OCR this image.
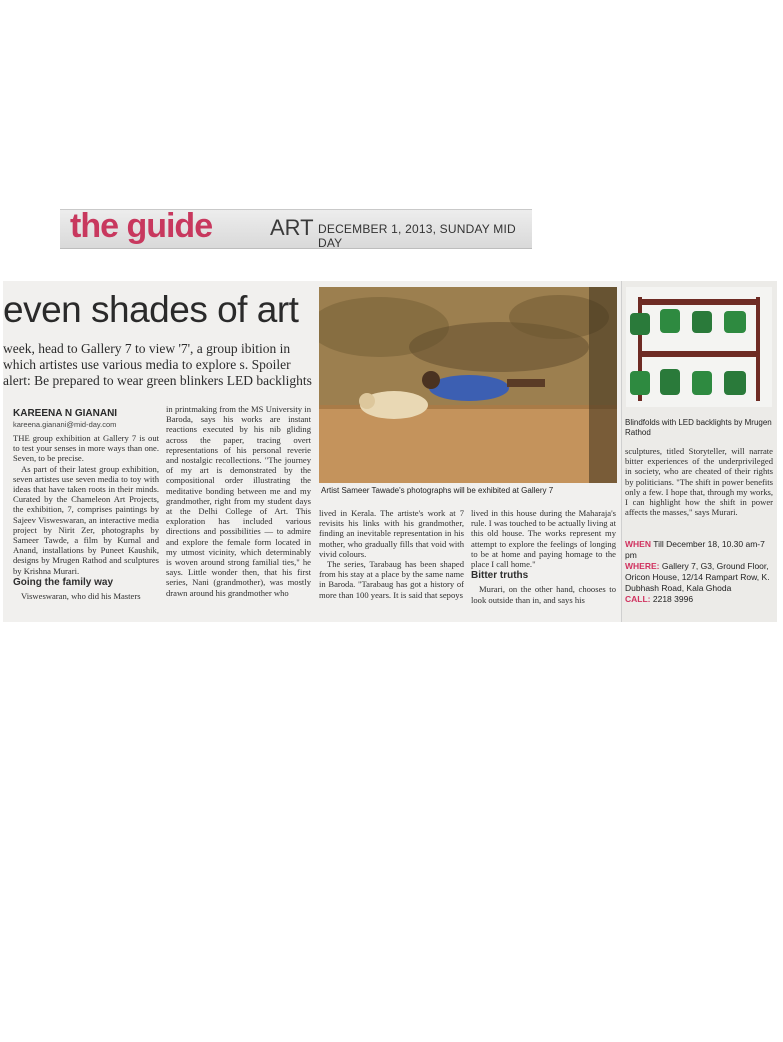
the guide	ART DECEMBER 1, 2013, SUNDAY MID DAY
even shades of art
week, head to Gallery 7 to view '7', a group ibition in which artistes use various media to explore s. Spoiler alert: Be prepared to wear green blinkers LED backlights
KAREENA N GIANANI
kareena.gianani@mid-day.com

THE group exhibition at Gallery 7 is out to test your senses in more ways than one. Seven, to be precise.

As part of their latest group exhibition, seven artistes use seven media to toy with ideas that have taken roots in their minds. Curated by the Chameleon Art Projects, the exhibition, 7, comprises paintings by Sajeev Visweswaran, an interactive media project by Nirit Zer, photographs by Sameer Tawde, a film by Kurnal and Anand, installations by Puneet Kaushik, designs by Mrugen Rathod and sculptures by Krishna Murari.

Going the family way

Visweswaran, who did his Masters

in printmaking from the MS University in Baroda, says his works are instant reactions executed by his nib gliding across the paper, tracing overt representations of his personal reverie and nostalgic recollections. "The journey of my art is demonstrated by the compositional order illustrating the meditative bonding between me and my grandmother, right from my student days at the Delhi College of Art. This exploration has included various directions and possibilities — to admire and explore the female form located in my utmost vicinity, which determinably is woven around strong familial ties," he says. Little wonder then, that his first series, Nani (grandmother), was mostly drawn around his grandmother who

Artist Sameer Tawade's photographs will be exhibited at Gallery 7

lived in Kerala. The artiste's work at 7 revisits his links with his grandmother, finding an inevitable representation in his mother, who gradually fills that void with vivid colours.

The series, Tarabaug has been shaped from his stay at a place by the same name in Baroda. "Tarabaug has got a history of more than 100 years. It is said that sepoys

lived in this house during the Maharaja's rule. I was touched to be actually living at this old house. The works represent my attempt to explore the feelings of longing to be at home and paying homage to the place I call home."

Bitter truths

Murari, on the other hand, chooses to look outside than in, and says his

Blindfolds with LED backlights by Mrugen Rathod

sculptures, titled Storyteller, will narrate bitter experiences of the underprivileged in society, who are cheated of their rights by politicians. "The shift in power benefits only a few. I hope that, through my works, I can highlight how the shift in power affects the masses," says Murari.

WHEN Till December 18, 10.30 am-7 pm
WHERE: Gallery 7, G3, Ground Floor, Oricon House, 12/14 Rampart Row, K. Dubhash Road, Kala Ghoda
CALL: 2218 3996
